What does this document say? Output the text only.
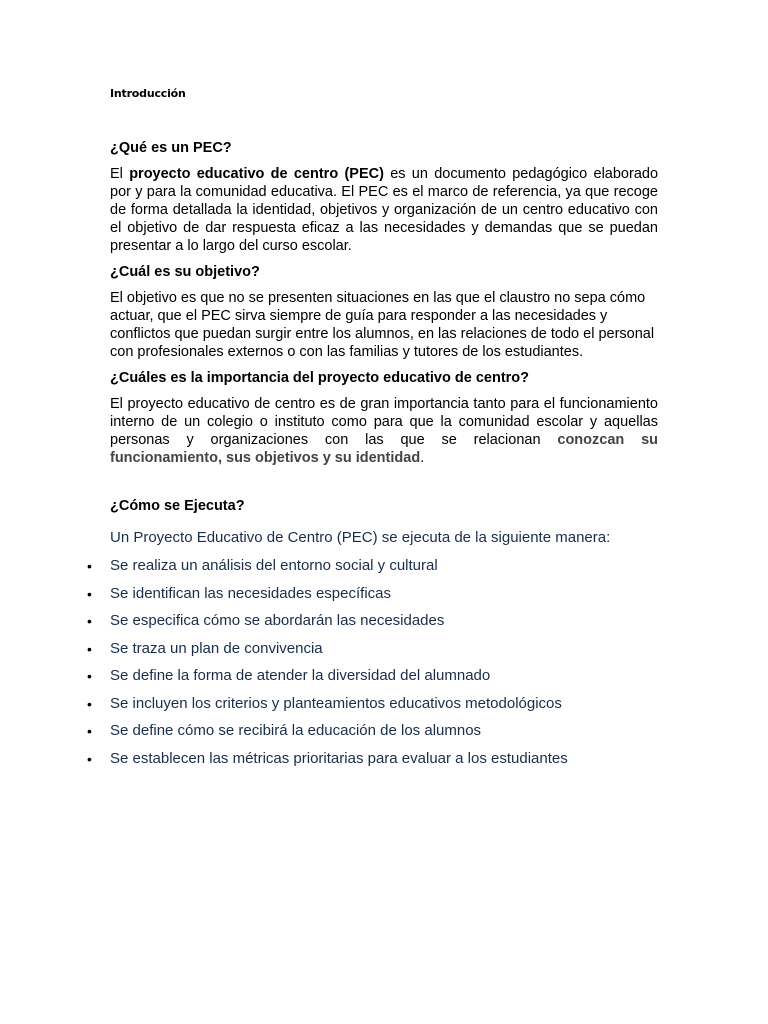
Introducción
¿Qué es un PEC?

El proyecto educativo de centro (PEC) es un documento pedagógico elaborado por y para la comunidad educativa. El PEC es el marco de referencia, ya que recoge de forma detallada la identidad, objetivos y organización de un centro educativo con el objetivo de dar respuesta eficaz a las necesidades y demandas que se puedan presentar a lo largo del curso escolar.

¿Cuál es su objetivo?

El objetivo es que no se presenten situaciones en las que el claustro no sepa cómo actuar, que el PEC sirva siempre de guía para responder a las necesidades y conflictos que puedan surgir entre los alumnos, en las relaciones de todo el personal con profesionales externos o con las familias y tutores de los estudiantes.

¿Cuáles es la importancia del proyecto educativo de centro?

El proyecto educativo de centro es de gran importancia tanto para el funcionamiento interno de un colegio o instituto como para que la comunidad escolar y aquellas personas y organizaciones con las que se relacionan conozcan su funcionamiento, sus objetivos y su identidad.

¿Cómo se Ejecuta?

Un Proyecto Educativo de Centro (PEC) se ejecuta de la siguiente manera:

• Se realiza un análisis del entorno social y cultural
• Se identifican las necesidades específicas
• Se especifica cómo se abordarán las necesidades
• Se traza un plan de convivencia
• Se define la forma de atender la diversidad del alumnado
• Se incluyen los criterios y planteamientos educativos metodológicos
• Se define cómo se recibirá la educación de los alumnos
• Se establecen las métricas prioritarias para evaluar a los estudiantes
